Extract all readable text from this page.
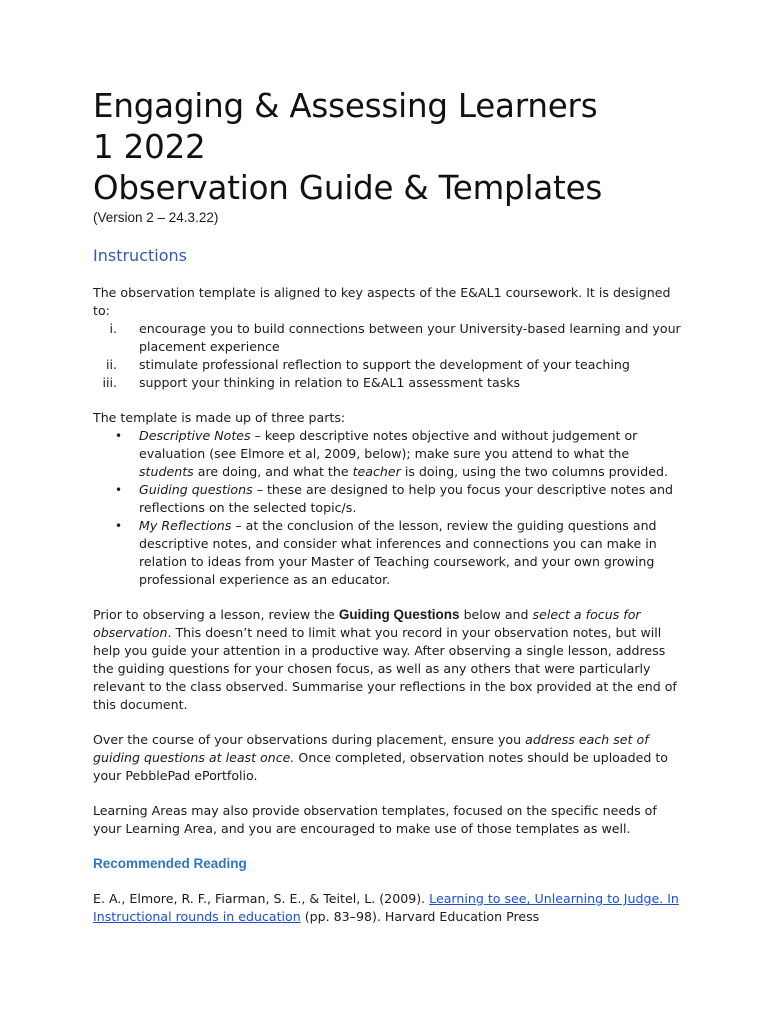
Engaging & Assessing Learners
1 2022
Observation Guide & Templates

(Version 2 – 24.3.22)

Instructions

The observation template is aligned to key aspects of the E&AL1 coursework. It is designed to:

i. encourage you to build connections between your University-based learning and your placement experience
ii. stimulate professional reflection to support the development of your teaching
iii. support your thinking in relation to E&AL1 assessment tasks

The template is made up of three parts:

• Descriptive Notes – keep descriptive notes objective and without judgement or evaluation (see Elmore et al, 2009, below); make sure you attend to what the students are doing, and what the teacher is doing, using the two columns provided.
• Guiding questions – these are designed to help you focus your descriptive notes and reflections on the selected topic/s.
• My Reflections – at the conclusion of the lesson, review the guiding questions and descriptive notes, and consider what inferences and connections you can make in relation to ideas from your Master of Teaching coursework, and your own growing professional experience as an educator.

Prior to observing a lesson, review the Guiding Questions below and select a focus for observation. This doesn’t need to limit what you record in your observation notes, but will help you guide your attention in a productive way. After observing a single lesson, address the guiding questions for your chosen focus, as well as any others that were particularly relevant to the class observed. Summarise your reflections in the box provided at the end of this document.

Over the course of your observations during placement, ensure you address each set of guiding questions at least once. Once completed, observation notes should be uploaded to your PebblePad ePortfolio.

Learning Areas may also provide observation templates, focused on the specific needs of your Learning Area, and you are encouraged to make use of those templates as well.

Recommended Reading

E. A., Elmore, R. F., Fiarman, S. E., & Teitel, L. (2009). Learning to see, Unlearning to Judge. In Instructional rounds in education (pp. 83–98). Harvard Education Press
